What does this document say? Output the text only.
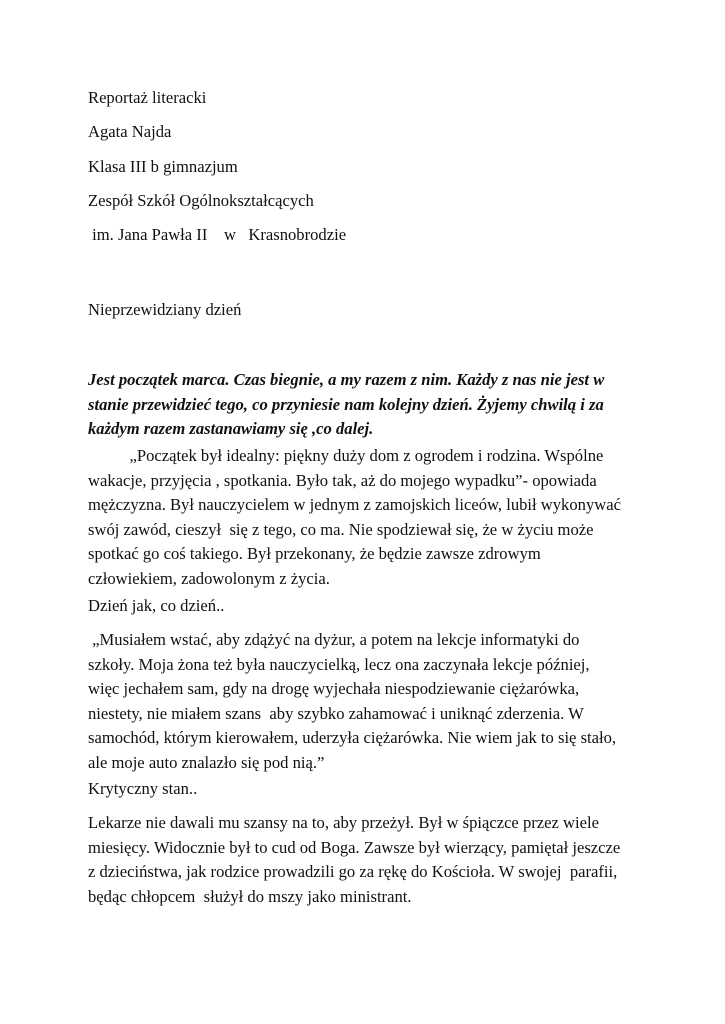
Reportaż literacki
Agata Najda
Klasa III b gimnazjum
Zespół Szkół Ogólnokształcących
im. Jana Pawła II    w   Krasnobrodzie
Nieprzewidziany dzień
Jest początek marca. Czas biegnie, a my razem z nim. Każdy z nas nie jest w
stanie przewidzieć tego, co przyniesie nam kolejny dzień. Żyjemy chwilą i za
każdym razem zastanawiamy się ,co dalej.
„Początek był idealny: piękny duży dom z ogrodem i rodzina. Wspólne
wakacje, przyjęcia , spotkania. Było tak, aż do mojego wypadku”- opowiada
mężczyzna. Był nauczycielem w jednym z zamojskich liceów, lubił wykonywać
swój zawód, cieszył  się z tego, co ma. Nie spodziewał się, że w życiu może
spotkać go coś takiego. Był przekonany, że będzie zawsze zdrowym
człowiekiem, zadowolonym z życia.
Dzień jak, co dzień..
„Musiałem wstać, aby zdążyć na dyżur, a potem na lekcje informatyki do
szkoły. Moja żona też była nauczycielką, lecz ona zaczynała lekcje później,
więc jechałem sam, gdy na drogę wyjechała niespodziewanie ciężarówka,
niestety, nie miałem szans  aby szybko zahamować i uniknąć zderzenia. W
samochód, którym kierowałem, uderzyła ciężarówka. Nie wiem jak to się stało,
ale moje auto znalazło się pod nią.”
Krytyczny stan..
Lekarze nie dawali mu szansy na to, aby przeżył. Był w śpiączce przez wiele
miesięcy. Widocznie był to cud od Boga. Zawsze był wierzący, pamiętał jeszcze
z dzieciństwa, jak rodzice prowadzili go za rękę do Kościoła. W swojej  parafii,
będąc chłopcem  służył do mszy jako ministrant.
